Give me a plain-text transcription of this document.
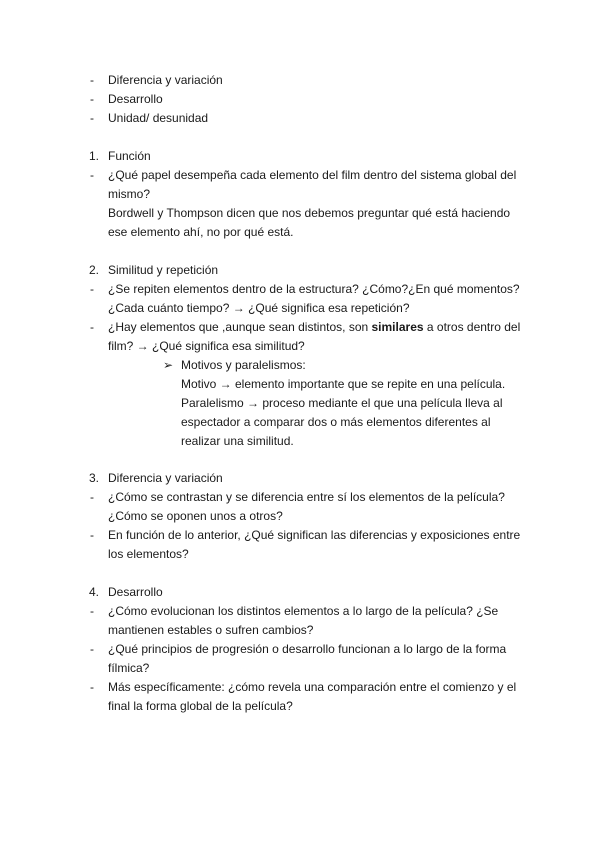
- Diferencia y variación
- Desarrollo
- Unidad/ desunidad
1. Función
- ¿Qué papel desempeña cada elemento del film dentro del sistema global del
mismo?
Bordwell y Thompson dicen que nos debemos preguntar qué está haciendo
ese elemento ahí, no por qué está.
2. Similitud y repetición
- ¿Se repiten elementos dentro de la estructura? ¿Cómo?¿En qué momentos?
¿Cada cuánto tiempo? → ¿Qué significa esa repetición?
- ¿Hay elementos que ,aunque sean distintos, son similares a otros dentro del
film? → ¿Qué significa esa similitud?
➢ Motivos y paralelismos:
Motivo → elemento importante que se repite en una película.
Paralelismo → proceso mediante el que una película lleva al
espectador a comparar dos o más elementos diferentes al
realizar una similitud.
3. Diferencia y variación
- ¿Cómo se contrastan y se diferencia entre sí los elementos de la película?
¿Cómo se oponen unos a otros?
- En función de lo anterior, ¿Qué significan las diferencias y exposiciones entre
los elementos?
4. Desarrollo
- ¿Cómo evolucionan los distintos elementos a lo largo de la película? ¿Se
mantienen estables o sufren cambios?
- ¿Qué principios de progresión o desarrollo funcionan a lo largo de la forma
fílmica?
- Más específicamente: ¿cómo revela una comparación entre el comienzo y el
final la forma global de la película?
